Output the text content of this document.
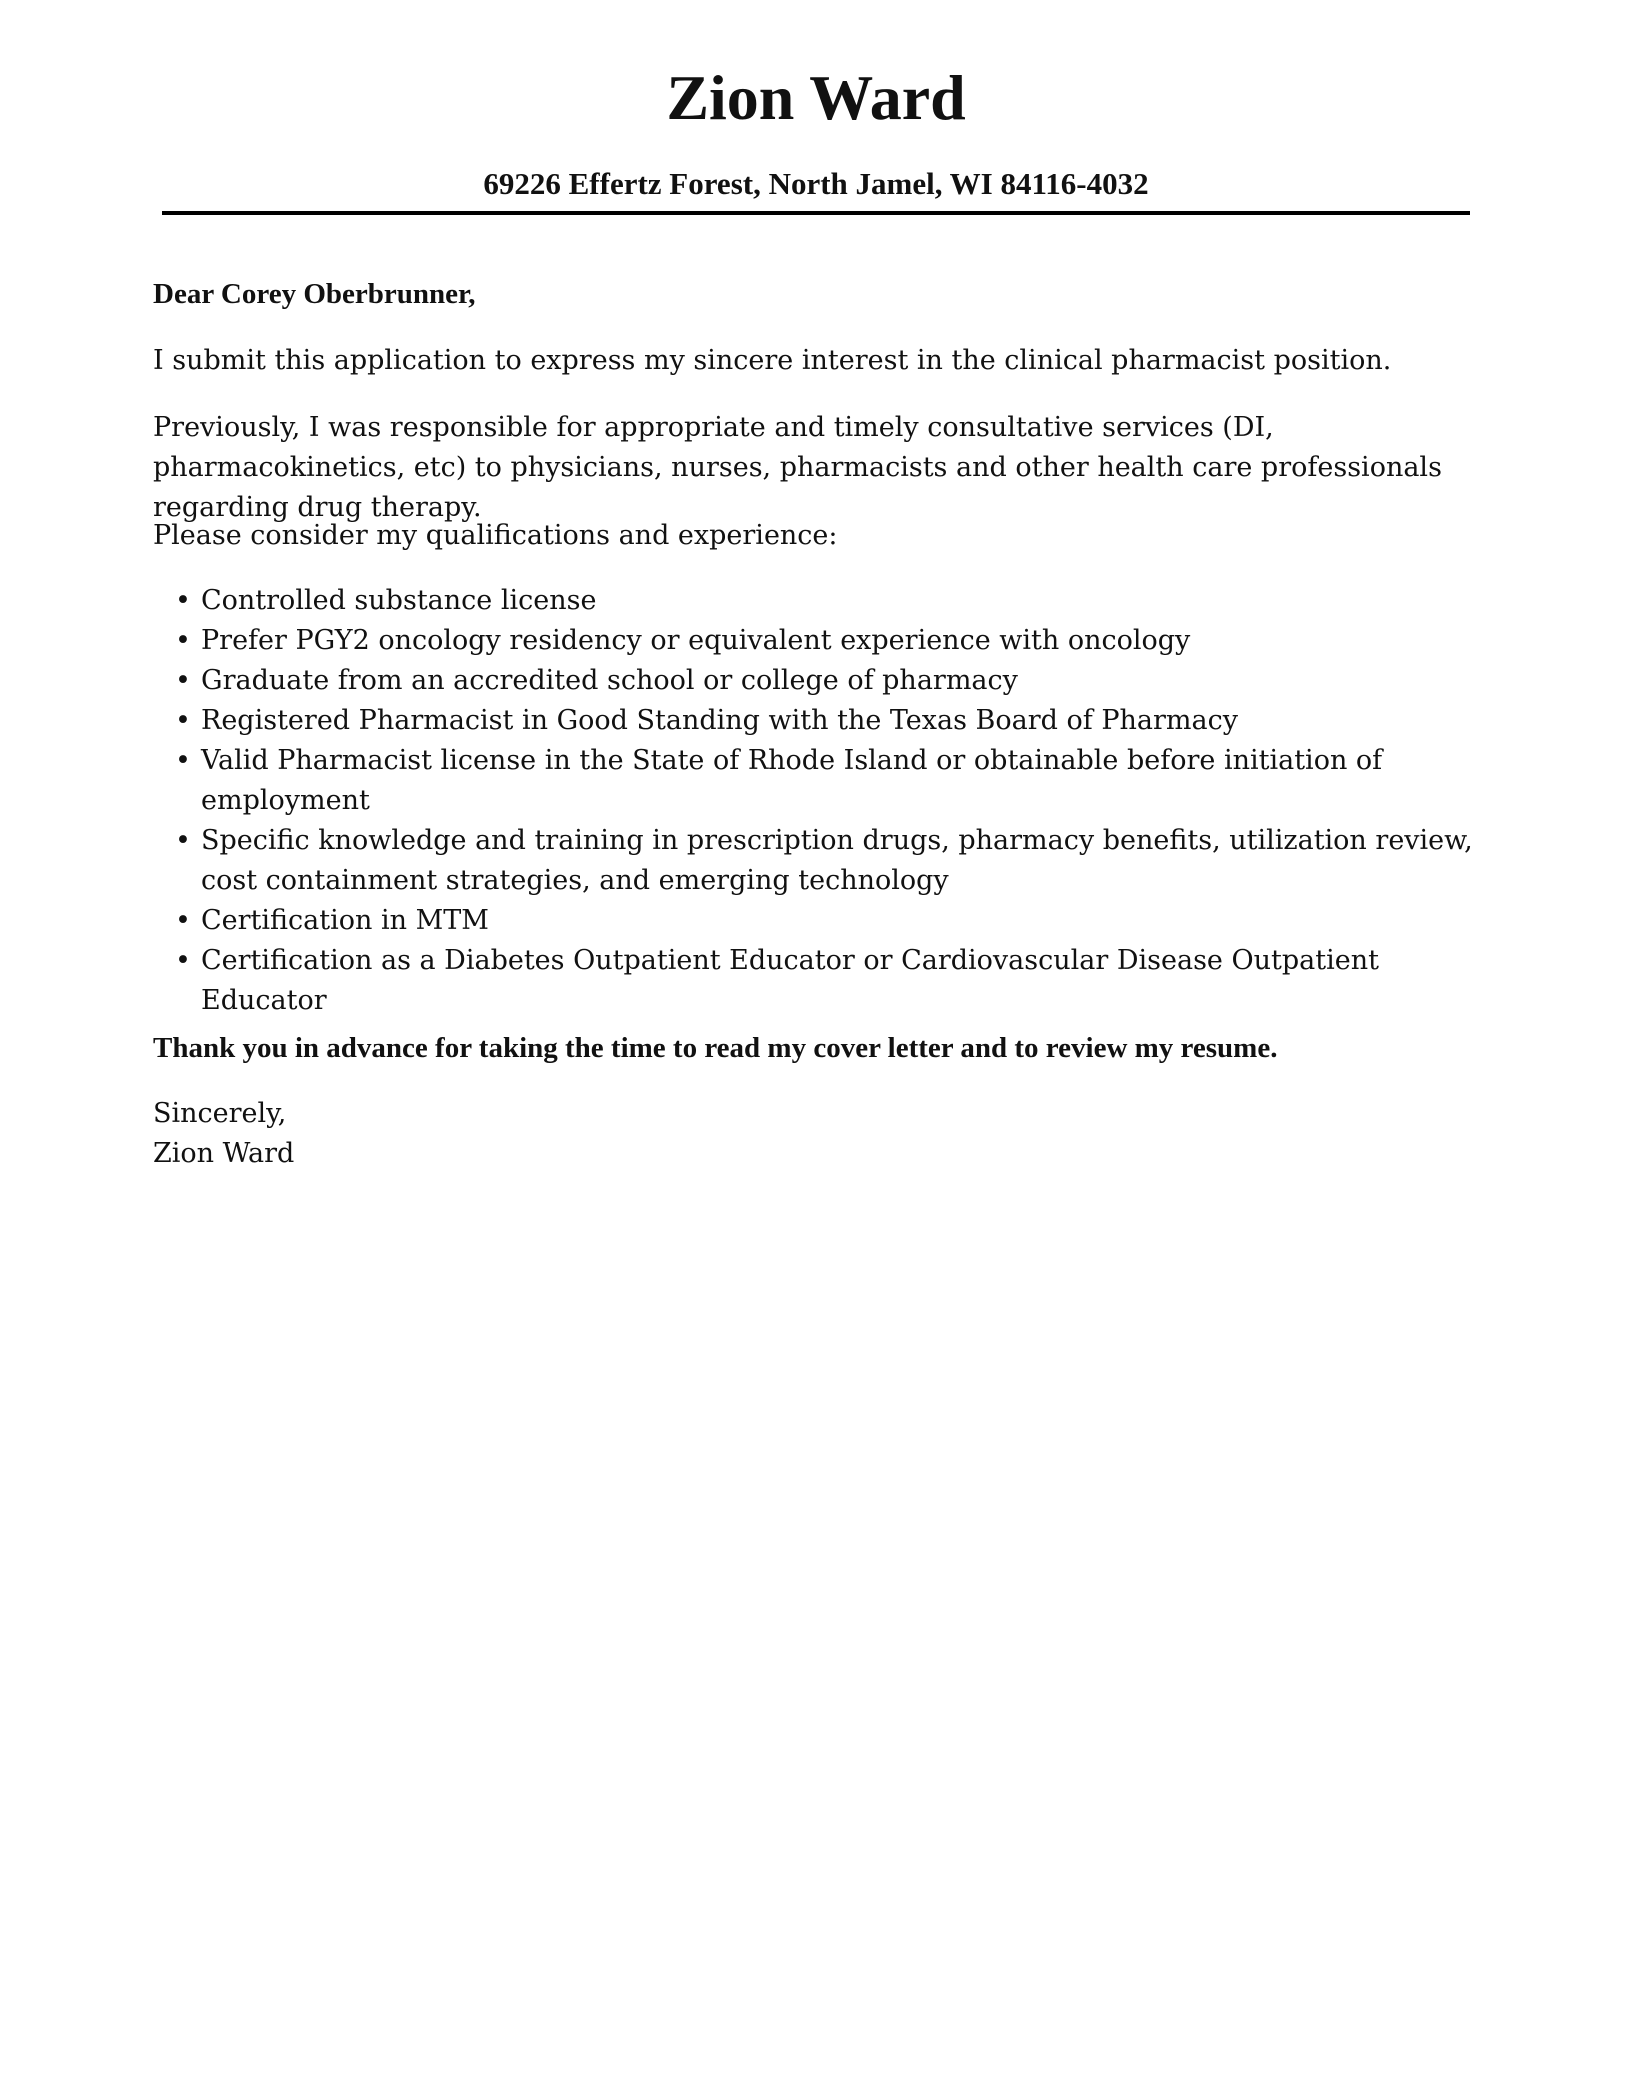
Zion Ward
69226 Effertz Forest, North Jamel, WI 84116-4032

Dear Corey Oberbrunner,

I submit this application to express my sincere interest in the clinical pharmacist position.

Previously, I was responsible for appropriate and timely consultative services (DI, pharmacokinetics, etc) to physicians, nurses, pharmacists and other health care professionals regarding drug therapy.

Please consider my qualifications and experience:

• Controlled substance license
• Prefer PGY2 oncology residency or equivalent experience with oncology
• Graduate from an accredited school or college of pharmacy
• Registered Pharmacist in Good Standing with the Texas Board of Pharmacy
• Valid Pharmacist license in the State of Rhode Island or obtainable before initiation of employment
• Specific knowledge and training in prescription drugs, pharmacy benefits, utilization review, cost containment strategies, and emerging technology
• Certification in MTM
• Certification as a Diabetes Outpatient Educator or Cardiovascular Disease Outpatient Educator

Thank you in advance for taking the time to read my cover letter and to review my resume.

Sincerely,
Zion Ward
